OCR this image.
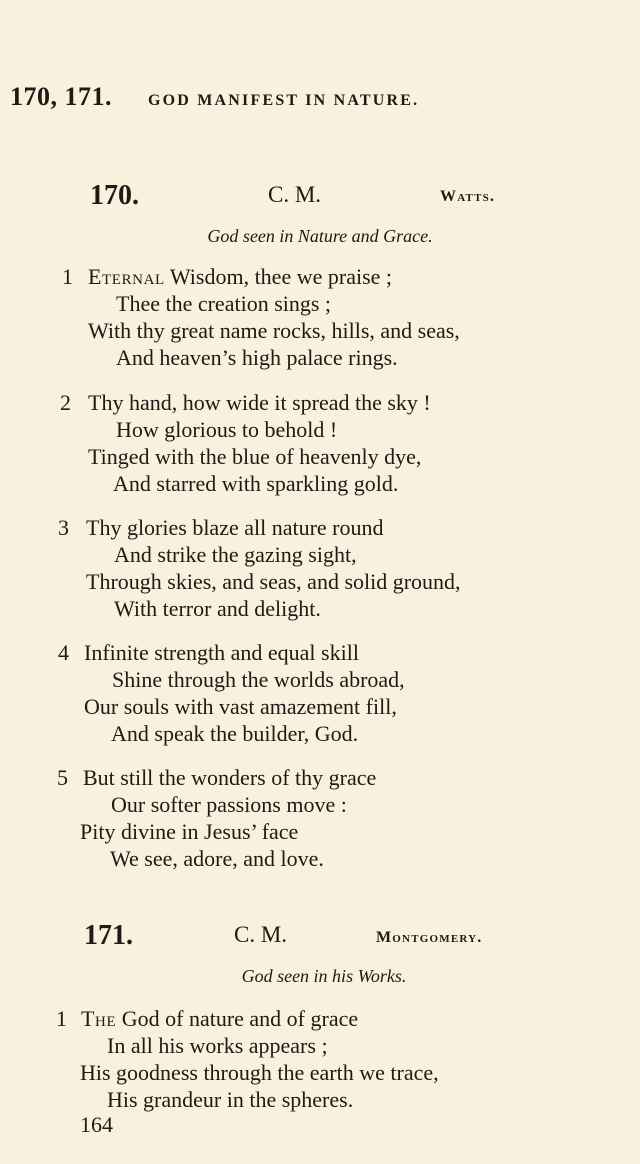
170, 171. GOD MANIFEST IN NATURE.
170.	C. M.	Watts.
God seen in Nature and Grace.
1 Eternal Wisdom, thee we praise ;
Thee the creation sings ;
With thy great name rocks, hills, and seas,
And heaven’s high palace rings.
2 Thy hand, how wide it spread the sky !
How glorious to behold !
Tinged with the blue of heavenly dye,
And starred with sparkling gold.
3 Thy glories blaze all nature round
And strike the gazing sight,
Through skies, and seas, and solid ground,
With terror and delight.
4 Infinite strength and equal skill
Shine through the worlds abroad,
Our souls with vast amazement fill,
And speak the builder, God.
5 But still the wonders of thy grace
Our softer passions move :
Pity divine in Jesus’ face
We see, adore, and love.
171.	C. M.	Montgomery.
God seen in his Works.
1 The God of nature and of grace
In all his works appears ;
His goodness through the earth we trace,
His grandeur in the spheres.
164
